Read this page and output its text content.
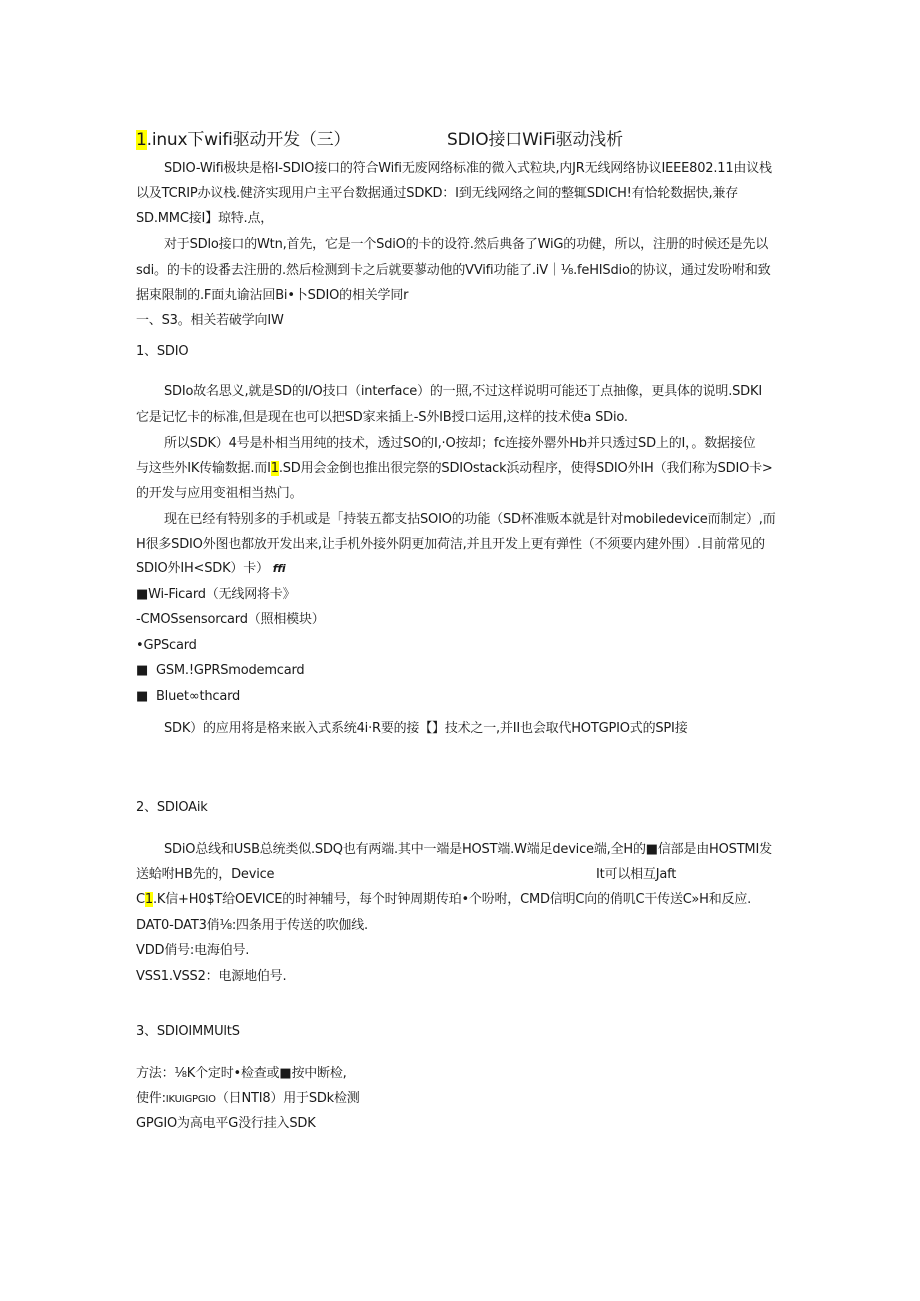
1.inux下wifi驱动开发（三）	SDIO接口WiFi驱动浅析
SDIO-Wifi极块是格I-SDIO接口的符合Wifi无废网络标准的微入式粒块,内JR无线网络协议IEEE802.11由议栈
以及TCRIP办议栈.健济实现用户主平台数据通过SDKD：I到无线网络之间的整辄SDICH!有恰轮数据快,兼存
SD.MMC接I】琼特.点，
对于SDlo接口的Wtn,首先，它是一个SdiO的卡的设符.然后典备了WiG的功健，所以，注册的时候还是先以
sdi。的卡的设番去注册的.然后检测到卡之后就要蓼动他的VVifi功能了.iV｜⅛.feHISdio的协议，通过发吩咐和致
据束限制的.F面丸谕沾回Bi•卜SDIO的相关学同r
一、S3。相关若破学向IW
1、SDIO
SDIo故名思义,就是SD的I/O技口（interface）的一照,不过这样说明可能还丁点抽像，更具体的说明.SDKI
它是记忆卡的标准,但是现在也可以把SD家来插上-S外IB授口运用,这样的技术使a SDio.
所以SDK）4号是朴相当用纯的技术，透过SO的I,·O按却；fc连接外罂外Hb并只透过SD上的I，。数据接位
与这些外IK传输数据.而I1.SD用会金倒也推出很完祭的SDIOstack浜动程序，使得SDIO外IH（我们称为SDIO卡>
的开发与应用变祖相当热门。
现在已经有特别多的手机或是「持装五都支拈SOIO的功能（SD杯准贩本就是针对mobiledevice而制定）,而
H很多SDIO外图也都放开发出来,让手机外接外阴更加荷洁,并且开发上更有弹性（不须要内建外围）.目前常见的
SDIO外IH<SDK）卡） ffi
■Wi-Ficard（无线网将卡》
-CMOSsensorcard（照相模块）
•GPScard
■ GSM.!GPRSmodemcard
■ Bluet∞thcard
SDK）的应用将是格来嵌入式系统4i·R要的接【】技术之一,并II也会取代HOTGPIO式的SPI接
2、SDIOAik
SDiO总线和USB总统类似.SDQ也有两端.其中一端是HOST端.W端足device端,全H的■信部是由HOSTMI发
送蛤咐HB先的，Device	It可以相互Jaft
C1.K信+H0$T给OEVICE的时神辅号，每个时钟周期传珀•个吩咐，CMD信明C向的俏叽C干传送C»H和反应.
DAT0-DAT3俏⅛:四条用于传送的吹伽线.
VDD俏号:电海伯号.
VSS1.VSS2：电源地伯号.
3、SDIOIMMUltS
方法：⅛K个定时•检查或■按中断检,
使件:IKUIGPGIO（日NTI8）用于SDk检测
GPGIO为高电平G没行挂入SDK
